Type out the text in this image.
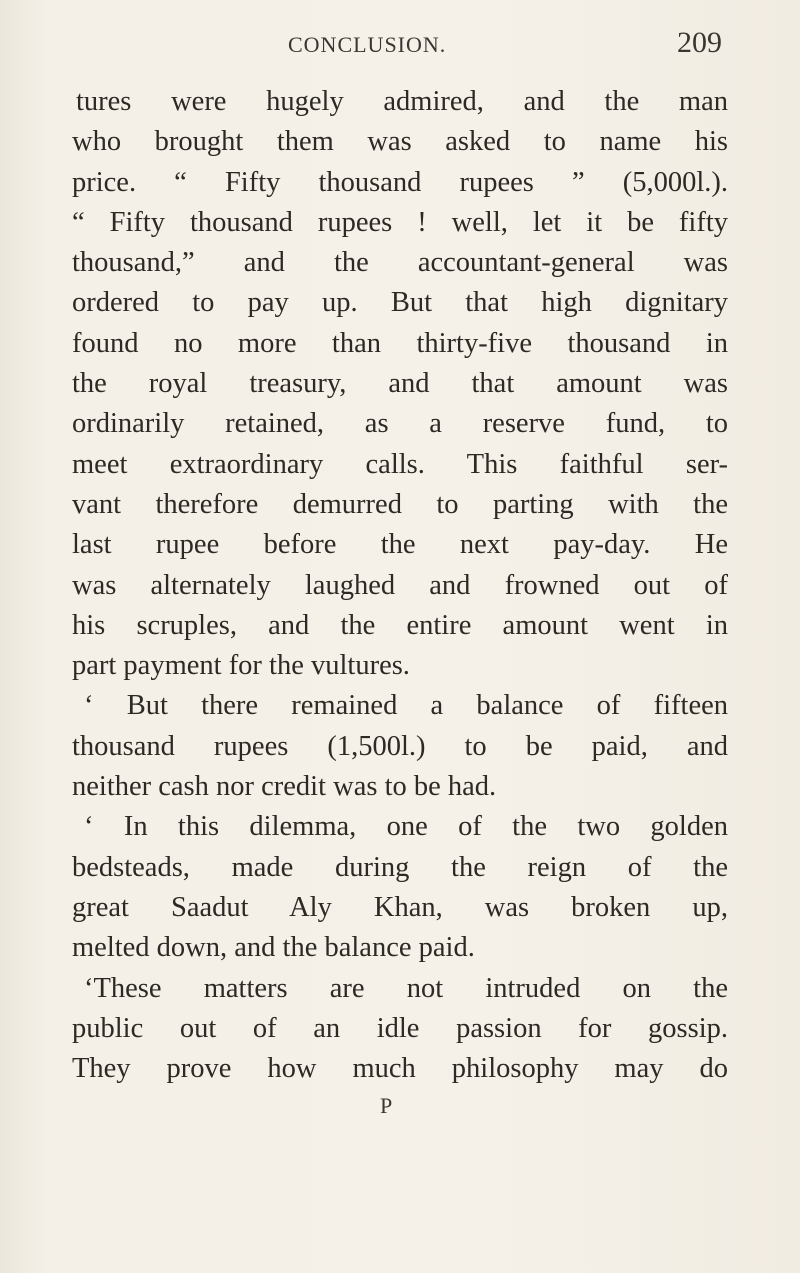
CONCLUSION.	209
tures were hugely admired, and the man
who brought them was asked to name his
price. “ Fifty thousand rupees ” (5,000l.).
“ Fifty thousand rupees ! well, let it be fifty
thousand,” and the accountant-general was
ordered to pay up. But that high dignitary
found no more than thirty-five thousand in
the royal treasury, and that amount was
ordinarily retained, as a reserve fund, to
meet extraordinary calls. This faithful ser-
vant therefore demurred to parting with the
last rupee before the next pay-day. He
was alternately laughed and frowned out of
his scruples, and the entire amount went in
part payment for the vultures.
‘ But there remained a balance of fifteen
thousand rupees (1,500l.) to be paid, and
neither cash nor credit was to be had.
‘ In this dilemma, one of the two golden
bedsteads, made during the reign of the
great Saadut Aly Khan, was broken up,
melted down, and the balance paid.
‘These matters are not intruded on the
public out of an idle passion for gossip.
They prove how much philosophy may do
P
